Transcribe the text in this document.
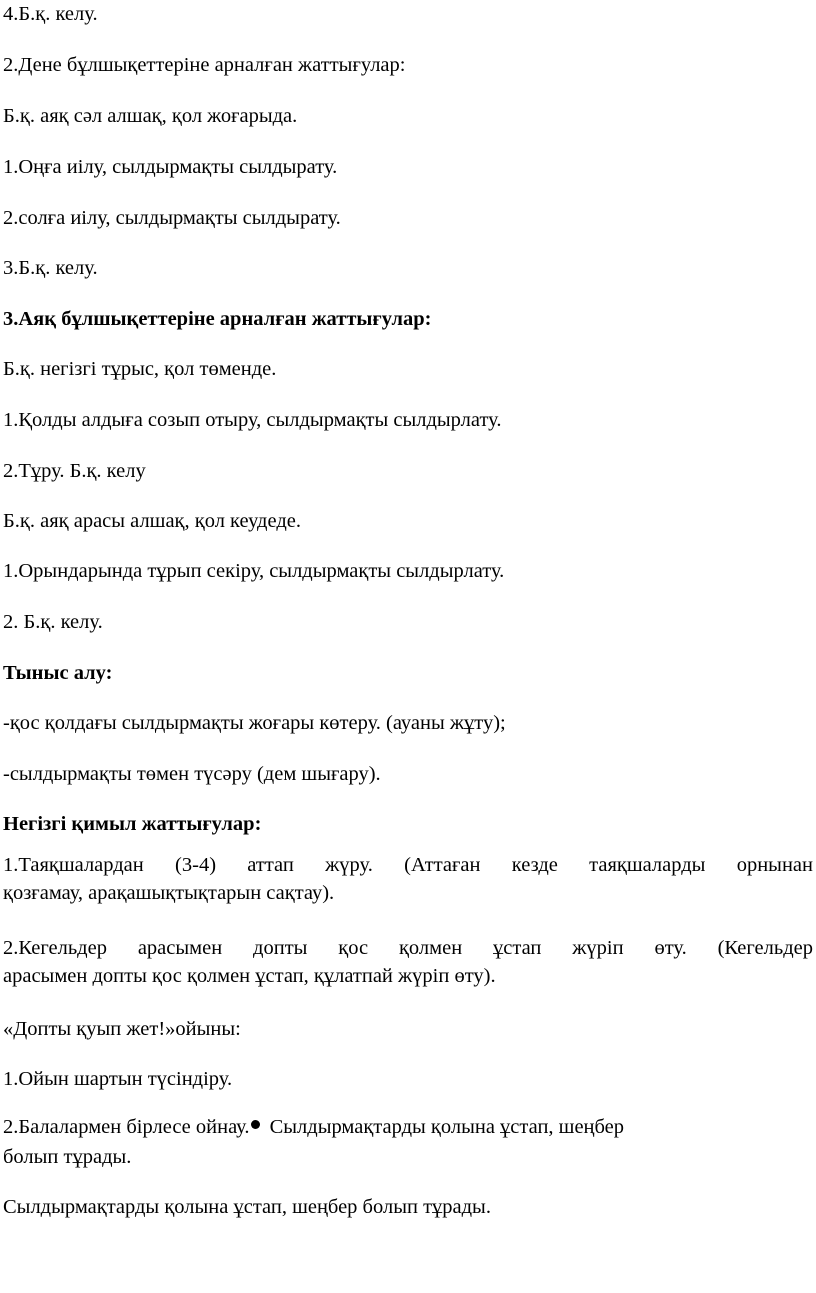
4.Б.қ. келу.
2.Дене бұлшықеттеріне арналған жаттығулар:
Б.қ. аяқ сәл алшақ, қол жоғарыда.
1.Оңға иілу, сылдырмақты сылдырату.
2.солға иілу, сылдырмақты сылдырату.
3.Б.қ. келу.
3.Аяқ бұлшықеттеріне арналған жаттығулар:
Б.қ. негізгі тұрыс, қол төменде.
1.Қолды алдыға созып отыру, сылдырмақты сылдырлату.
2.Тұру. Б.қ. келу
Б.қ. аяқ арасы алшақ, қол кеудеде.
1.Орындарында тұрып секіру, сылдырмақты сылдырлату.
2. Б.қ. келу.
Тыныс алу:
-қос қолдағы сылдырмақты жоғары көтеру. (ауаны жұту);
-сылдырмақты төмен түсәру (дем шығару).
Негізгі қимыл жаттығулар:
1.Таяқшалардан (3-4) аттап жүру. (Аттаған кезде таяқшаларды орнынан
қозғамау, арақашықтықтарын сақтау).
2.Кегельдер арасымен допты қос қолмен ұстап жүріп өту. (Кегельдер
арасымен допты қос қолмен ұстап, құлатпай жүріп өту).
«Допты қуып жет!»ойыны:
1.Ойын шартын түсіндіру.
2.Балалармен бірлесе ойнау. Сылдырмақтарды қолына ұстап, шеңбер
болып тұрады.
Сылдырмақтарды қолына ұстап, шеңбер болып тұрады.
